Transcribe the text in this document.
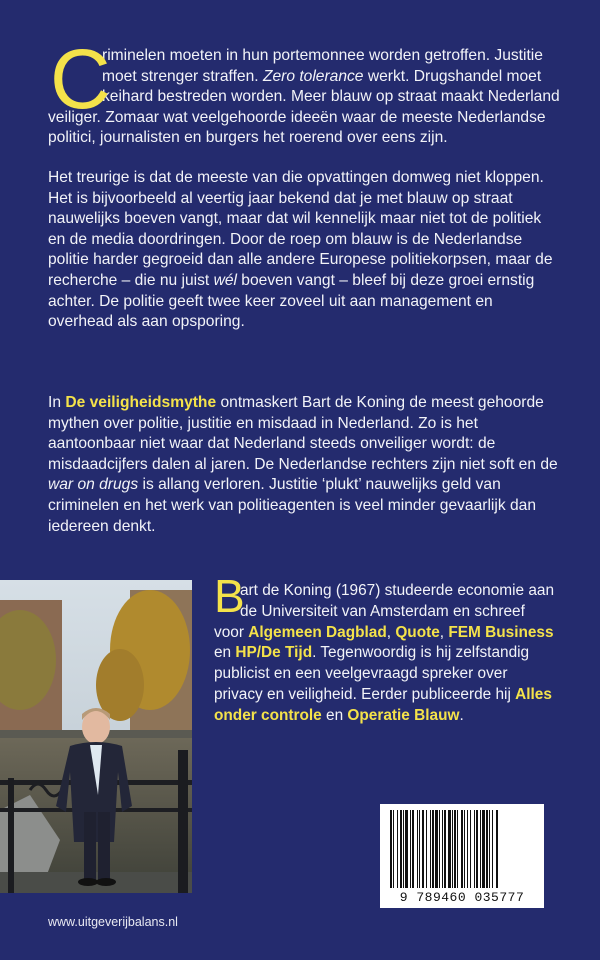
C
riminelen moeten in hun portemonnee worden getroffen. Justitie moet strenger straffen. Zero tolerance werkt. Drugshandel moet keihard bestreden worden. Meer blauw op straat maakt Nederland veiliger. Zomaar wat veelgehoorde ideeën waar de meeste Nederlandse politici, journalisten en burgers het roerend over eens zijn.
Het treurige is dat de meeste van die opvattingen domweg niet kloppen. Het is bijvoorbeeld al veertig jaar bekend dat je met blauw op straat nauwelijks boeven vangt, maar dat wil kennelijk maar niet tot de politiek en de media doordringen. Door de roep om blauw is de Nederlandse politie harder gegroeid dan alle andere Europese politiekorpsen, maar de recherche – die nu juist wél boeven vangt – bleef bij deze groei ernstig achter. De politie geeft twee keer zoveel uit aan management en overhead als aan opsporing.
In De veiligheidsmythe ontmaskert Bart de Koning de meest gehoorde mythen over politie, justitie en misdaad in Nederland. Zo is het aantoonbaar niet waar dat Nederland steeds onveiliger wordt: de misdaadcijfers dalen al jaren. De Nederlandse rechters zijn niet soft en de war on drugs is allang verloren. Justitie ‘plukt’ nauwelijks geld van criminelen en het werk van politieagenten is veel minder gevaarlijk dan iedereen denkt.
B
art de Koning (1967) studeerde economie aan de Universiteit van Amsterdam en schreef voor Algemeen Dagblad, Quote, FEM Business en HP/De Tijd. Tegenwoordig is hij zelfstandig publicist en een veelgevraagd spreker over privacy en veiligheid. Eerder publiceerde hij Alles onder controle en Operatie Blauw.
9 789460 035777
www.uitgeverijbalans.nl
